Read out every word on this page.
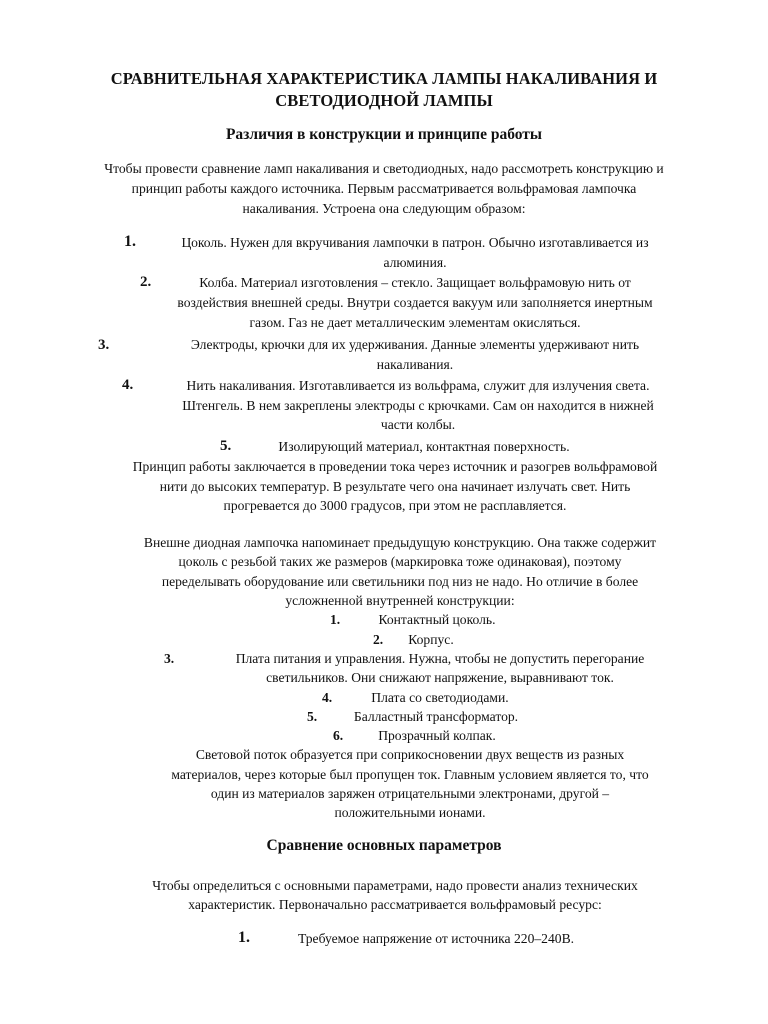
СРАВНИТЕЛЬНАЯ ХАРАКТЕРИСТИКА ЛАМПЫ НАКАЛИВАНИЯ И
СВЕТОДИОДНОЙ ЛАМПЫ
Различия в конструкции и принципе работы
Чтобы провести сравнение ламп накаливания и светодиодных, надо рассмотреть конструкцию и
принцип работы каждого источника. Первым рассматривается вольфрамовая лампочка
накаливания. Устроена она следующим образом:
1.	Цоколь. Нужен для вкручивания лампочки в патрон. Обычно изготавливается из
алюминия.
2.	Колба. Материал изготовления – стекло. Защищает вольфрамовую нить от
воздействия внешней среды. Внутри создается вакуум или заполняется инертным
газом. Газ не дает металлическим элементам окисляться.
3.	Электроды, крючки для их удерживания. Данные элементы удерживают нить
накаливания.
4.	Нить накаливания. Изготавливается из вольфрама, служит для излучения света.
Штенгель. В нем закреплены электроды с крючками. Сам он находится в нижней
части колбы.
5.	Изолирующий материал, контактная поверхность.
Принцип работы заключается в проведении тока через источник и разогрев вольфрамовой
нити до высоких температур. В результате чего она начинает излучать свет. Нить
прогревается до 3000 градусов, при этом не расплавляется.
Внешне диодная лампочка напоминает предыдущую конструкцию. Она также содержит
цоколь с резьбой таких же размеров (маркировка тоже одинаковая), поэтому
переделывать оборудование или светильники под низ не надо. Но отличие в более
усложненной внутренней конструкции:
1.	Контактный цоколь.
2.	Корпус.
3.	Плата питания и управления. Нужна, чтобы не допустить перегорание
светильников. Они снижают напряжение, выравнивают ток.
4.	Плата со светодиодами.
5.	Балластный трансформатор.
6.	Прозрачный колпак.
Световой поток образуется при соприкосновении двух веществ из разных
материалов, через которые был пропущен ток. Главным условием является то, что
один из материалов заряжен отрицательными электронами, другой –
положительными ионами.
Сравнение основных параметров
Чтобы определиться с основными параметрами, надо провести анализ технических
характеристик. Первоначально рассматривается вольфрамовый ресурс:
1.	Требуемое напряжение от источника 220–240В.
